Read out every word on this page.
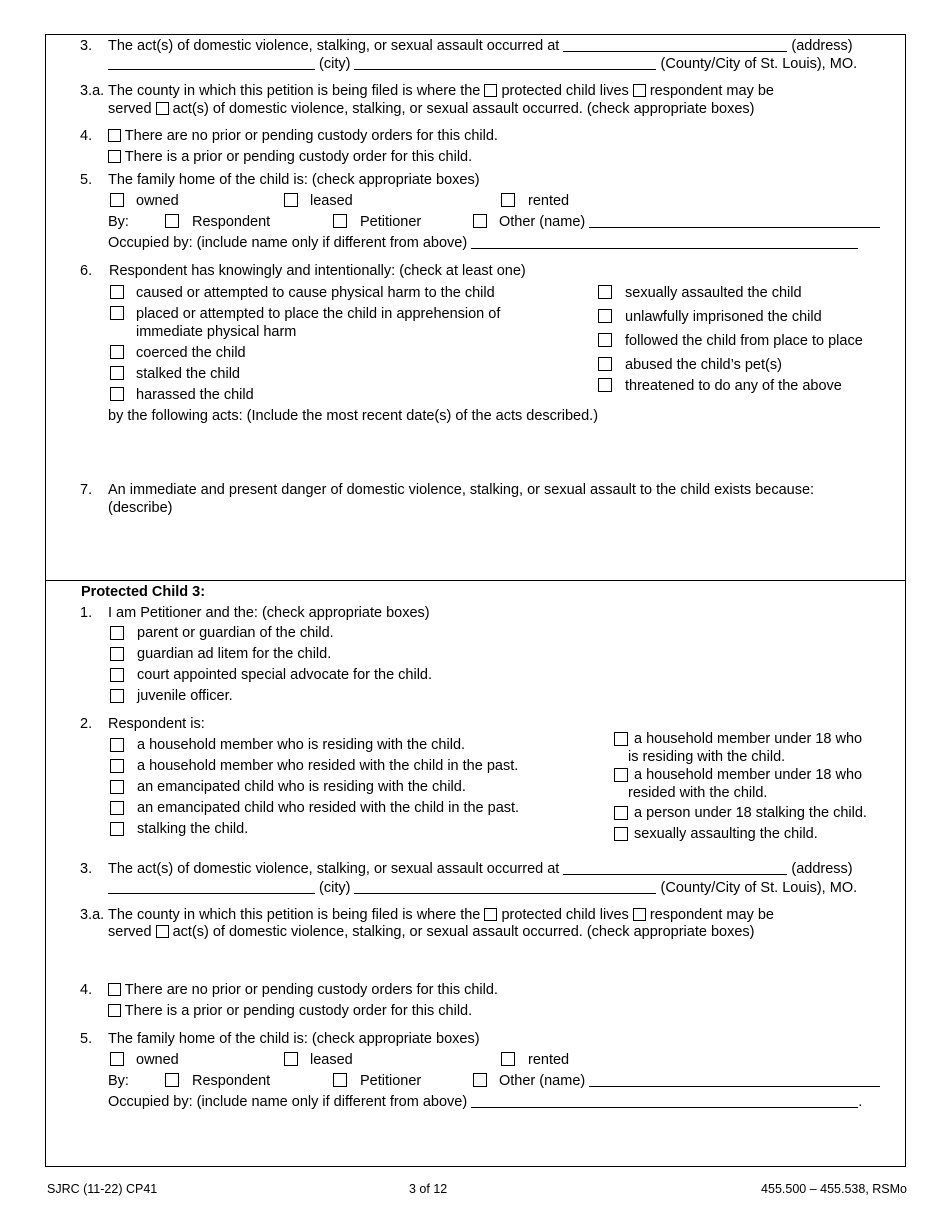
3. The act(s) of domestic violence, stalking, or sexual assault occurred at	(address)
(city)	(County/City of St. Louis), MO.
3.a. The county in which this petition is being filed is where the protected child lives respondent may be
served act(s) of domestic violence, stalking, or sexual assault occurred. (check appropriate boxes)
4.	There are no prior or pending custody orders for this child.
There is a prior or pending custody order for this child.
5. The family home of the child is: (check appropriate boxes)
owned	leased	rented
By:	Respondent	Petitioner	Other (name)
Occupied by: (include name only if different from above)
6. Respondent has knowingly and intentionally: (check at least one)
caused or attempted to cause physical harm to the child
placed or attempted to place the child in apprehension of
immediate physical harm
coerced the child
stalked the child
harassed the child
sexually assaulted the child
unlawfully imprisoned the child
followed the child from place to place
abused the child’s pet(s)
threatened to do any of the above
by the following acts: (Include the most recent date(s) of the acts described.)
7. An immediate and present danger of domestic violence, stalking, or sexual assault to the child exists because:
(describe)
Protected Child 3:
1. I am Petitioner and the: (check appropriate boxes)
parent or guardian of the child.
guardian ad litem for the child.
court appointed special advocate for the child.
juvenile officer.
2. Respondent is:
a household member who is residing with the child.
a household member who resided with the child in the past.
an emancipated child who is residing with the child.
an emancipated child who resided with the child in the past.
stalking the child.
a household member under 18 who
is residing with the child.
a household member under 18 who
resided with the child.
a person under 18 stalking the child.
sexually assaulting the child.
3. The act(s) of domestic violence, stalking, or sexual assault occurred at	(address)
(city)	(County/City of St. Louis), MO.
3.a. The county in which this petition is being filed is where the protected child lives respondent may be
served act(s) of domestic violence, stalking, or sexual assault occurred. (check appropriate boxes)
4.	There are no prior or pending custody orders for this child.
There is a prior or pending custody order for this child.
5. The family home of the child is: (check appropriate boxes)
owned	leased	rented
By:	Respondent	Petitioner	Other (name)
Occupied by: (include name only if different from above)	.
SJRC (11-22) CP41	3 of 12	455.500 – 455.538, RSMo
